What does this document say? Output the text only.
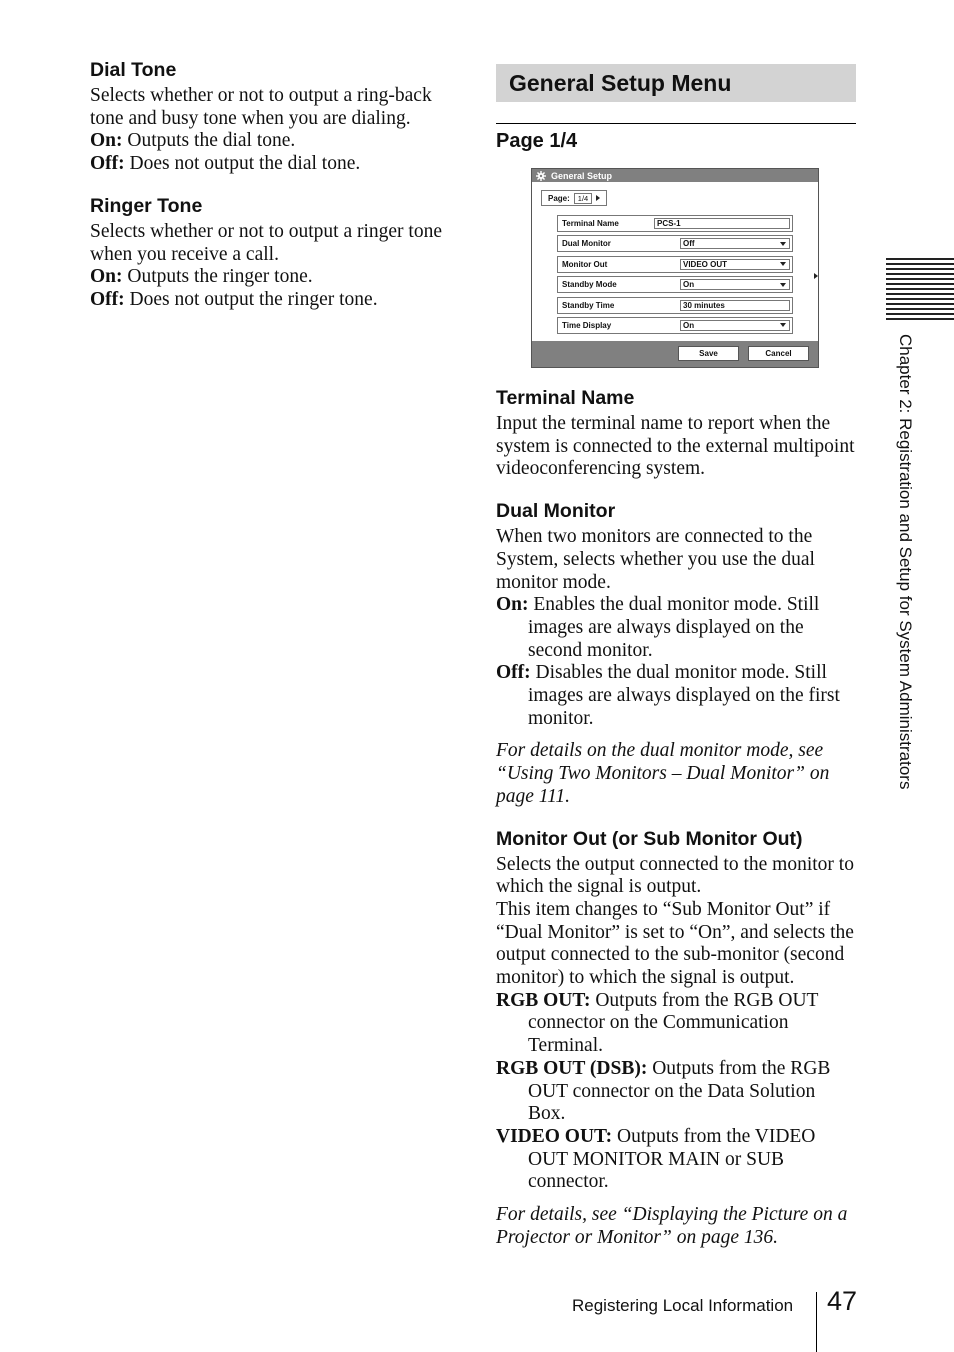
Dial Tone

Selects whether or not to output a ring-back tone and busy tone when you are dialing.

On: Outputs the dial tone.

Off: Does not output the dial tone.

Ringer Tone

Selects whether or not to output a ringer tone when you receive a call.

On: Outputs the ringer tone.

Off: Does not output the ringer tone.

General Setup Menu
Page 1/4
Terminal Name

Input the terminal name to report when the system is connected to the external multipoint videoconferencing system.

Dual Monitor

When two monitors are connected to the System, selects whether you use the dual monitor mode.

On: Enables the dual monitor mode. Still images are always displayed on the second monitor.

Off: Disables the dual monitor mode. Still images are always displayed on the first monitor.

For details on the dual monitor mode, see “Using Two Monitors – Dual Monitor” on page 111.

Monitor Out (or Sub Monitor Out)

Selects the output connected to the monitor to which the signal is output.

This item changes to “Sub Monitor Out” if “Dual Monitor” is set to “On”, and selects the output connected to the sub-monitor (second monitor) to which the signal is output.

RGB OUT: Outputs from the RGB OUT connector on the Communication Terminal.

RGB OUT (DSB): Outputs from the RGB OUT connector on the Data Solution Box.

VIDEO OUT: Outputs from the VIDEO OUT MONITOR MAIN or SUB connector.

For details, see “Displaying the Picture on a Projector or Monitor” on page 136.

General Setup
Page:	1/4
Terminal Name	PCS-1
Dual Monitor	Off
Monitor Out	VIDEO OUT
Standby Mode	On
Standby Time	30 minutes
Time Display	On
Save	Cancel	Chapter 2: Registration and Setup for System Administrators
Registering Local Information 47
